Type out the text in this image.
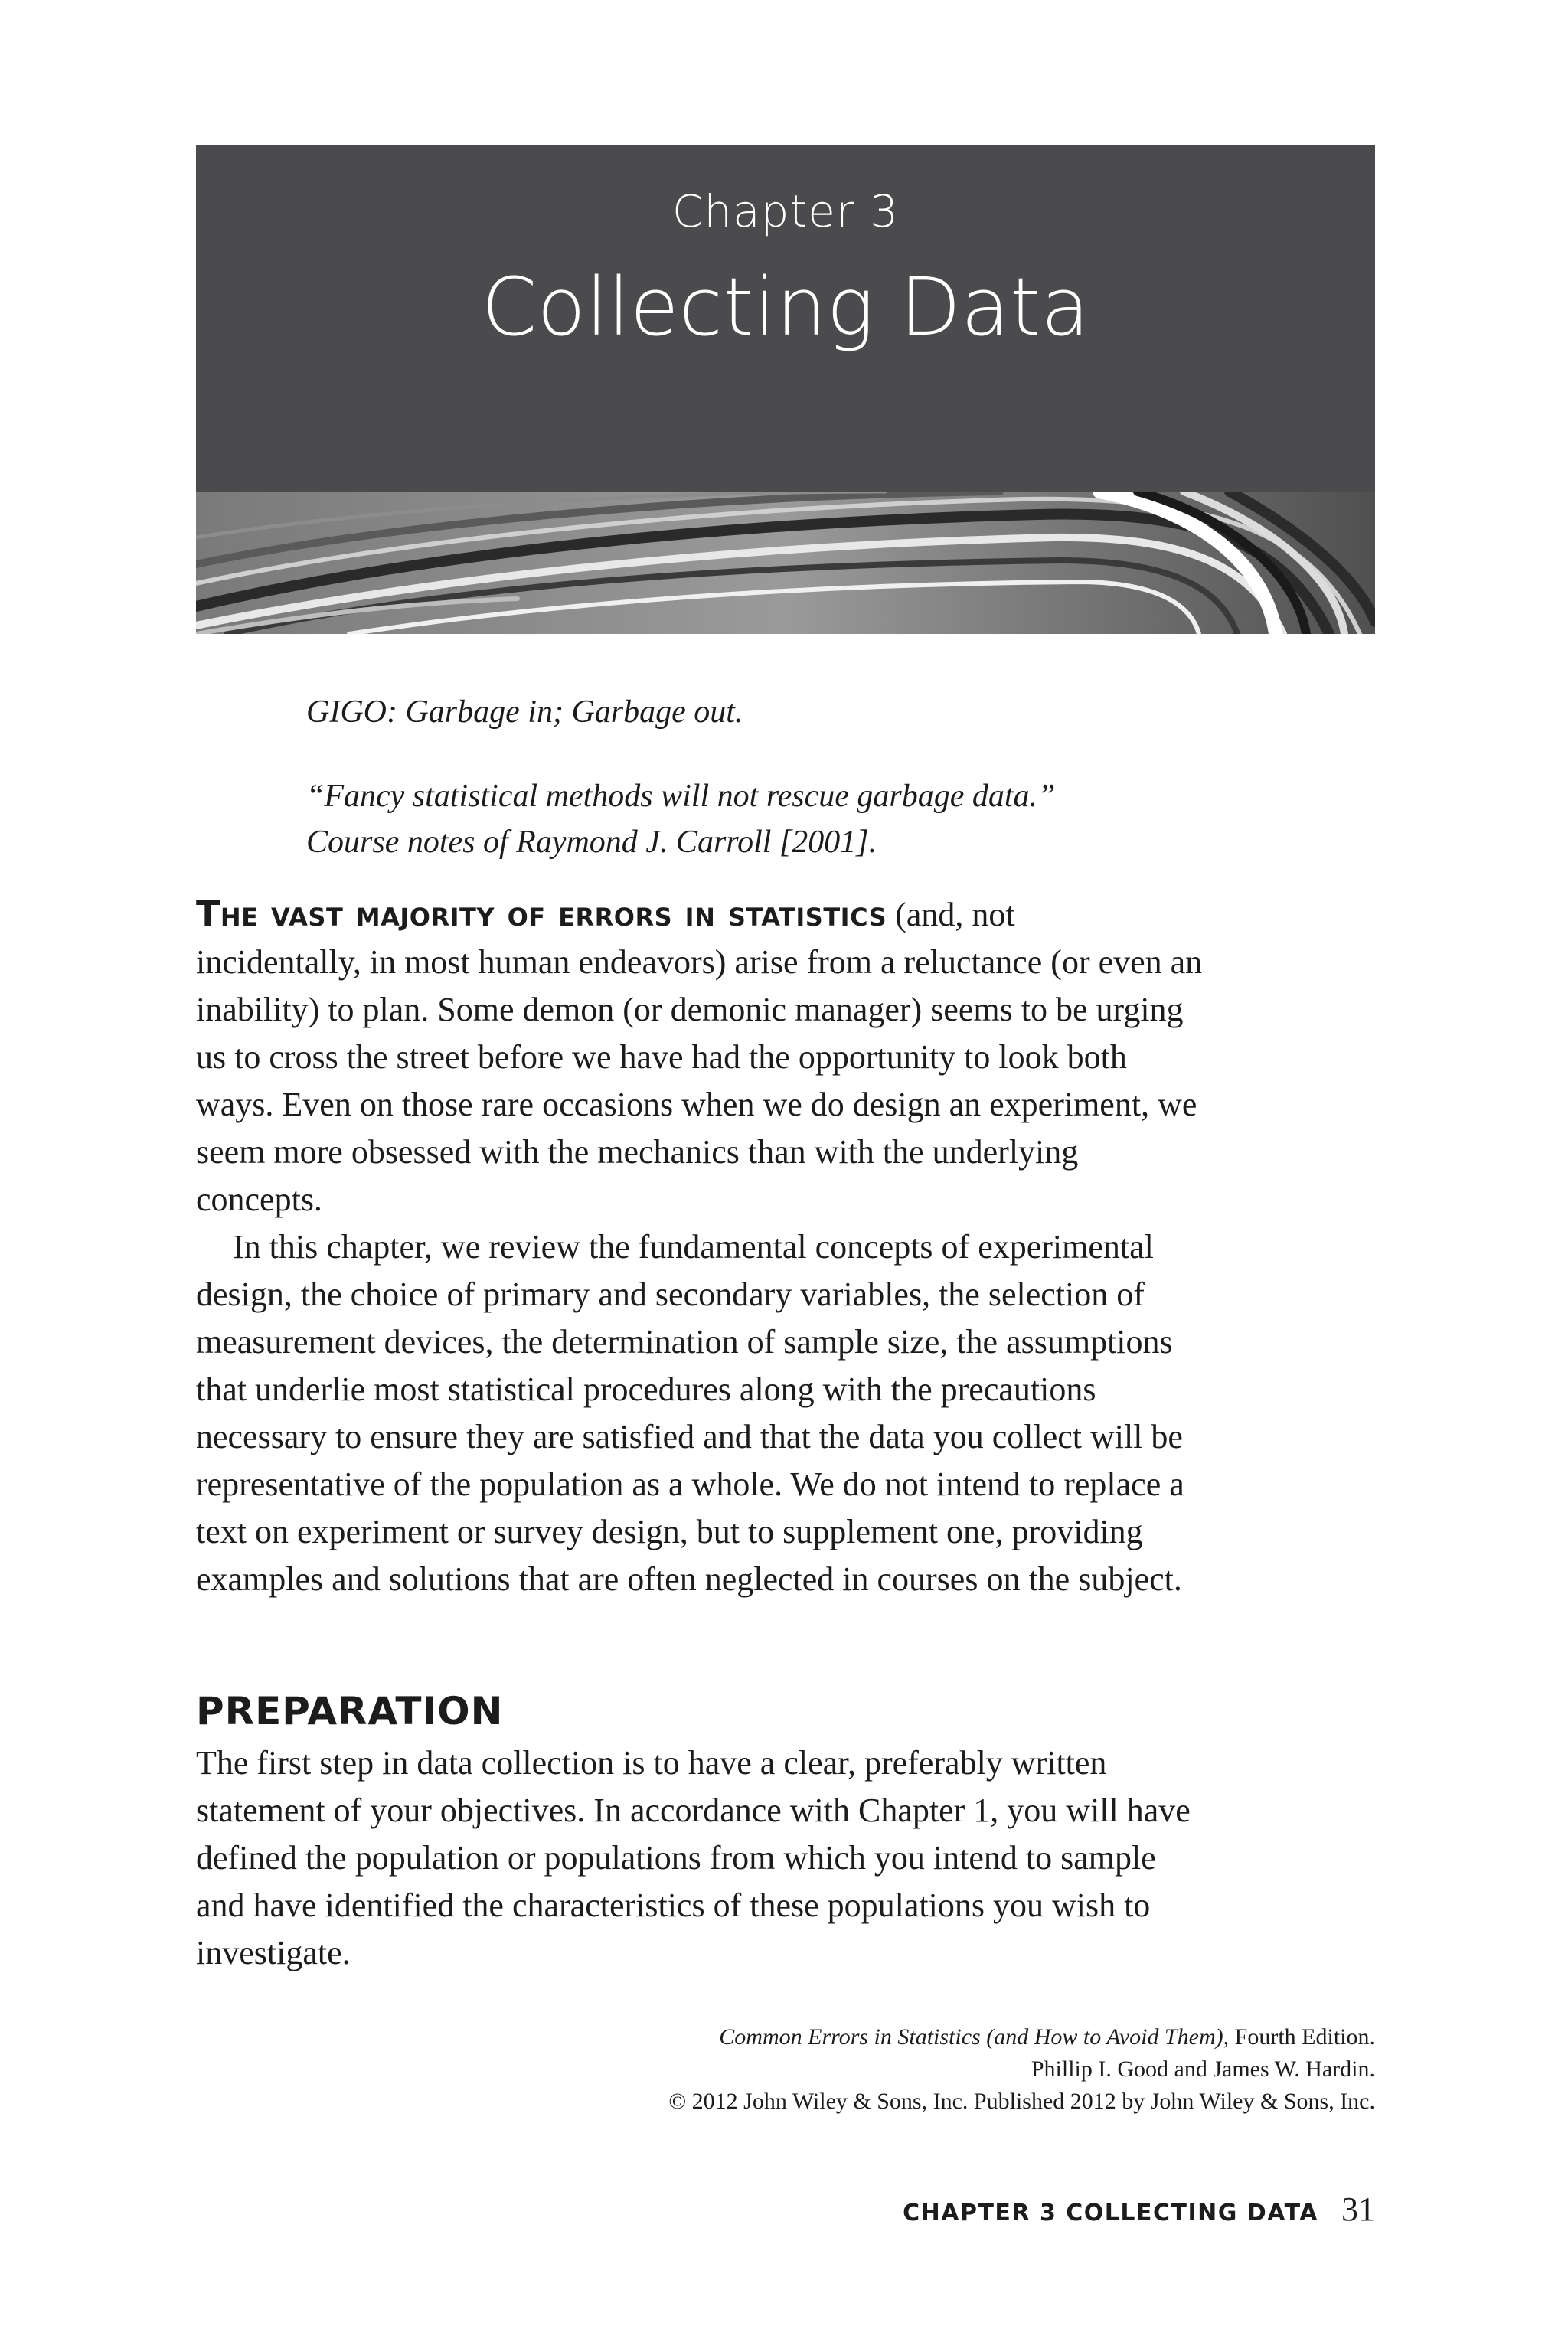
Chapter 3
Collecting Data

GIGO: Garbage in; Garbage out.

“Fancy statistical methods will not rescue garbage data.”

Course notes of Raymond J. Carroll [2001].

The vast majority of errors in statistics (and, not
incidentally, in most human endeavors) arise from a reluctance (or even an
inability) to plan. Some demon (or demonic manager) seems to be urging
us to cross the street before we have had the opportunity to look both
ways. Even on those rare occasions when we do design an experiment, we
seem more obsessed with the mechanics than with the underlying
concepts.
In this chapter, we review the fundamental concepts of experimental
design, the choice of primary and secondary variables, the selection of
measurement devices, the determination of sample size, the assumptions
that underlie most statistical procedures along with the precautions
necessary to ensure they are satisfied and that the data you collect will be
representative of the population as a whole. We do not intend to replace a
text on experiment or survey design, but to supplement one, providing
examples and solutions that are often neglected in courses on the subject.
PREPARATION
The first step in data collection is to have a clear, preferably written
statement of your objectives. In accordance with Chapter 1, you will have
defined the population or populations from which you intend to sample
and have identified the characteristics of these populations you wish to
investigate.
Common Errors in Statistics (and How to Avoid Them), Fourth Edition.
Phillip I. Good and James W. Hardin.
© 2012 John Wiley & Sons, Inc. Published 2012 by John Wiley & Sons, Inc.
CHAPTER 3 COLLECTING DATA 31
